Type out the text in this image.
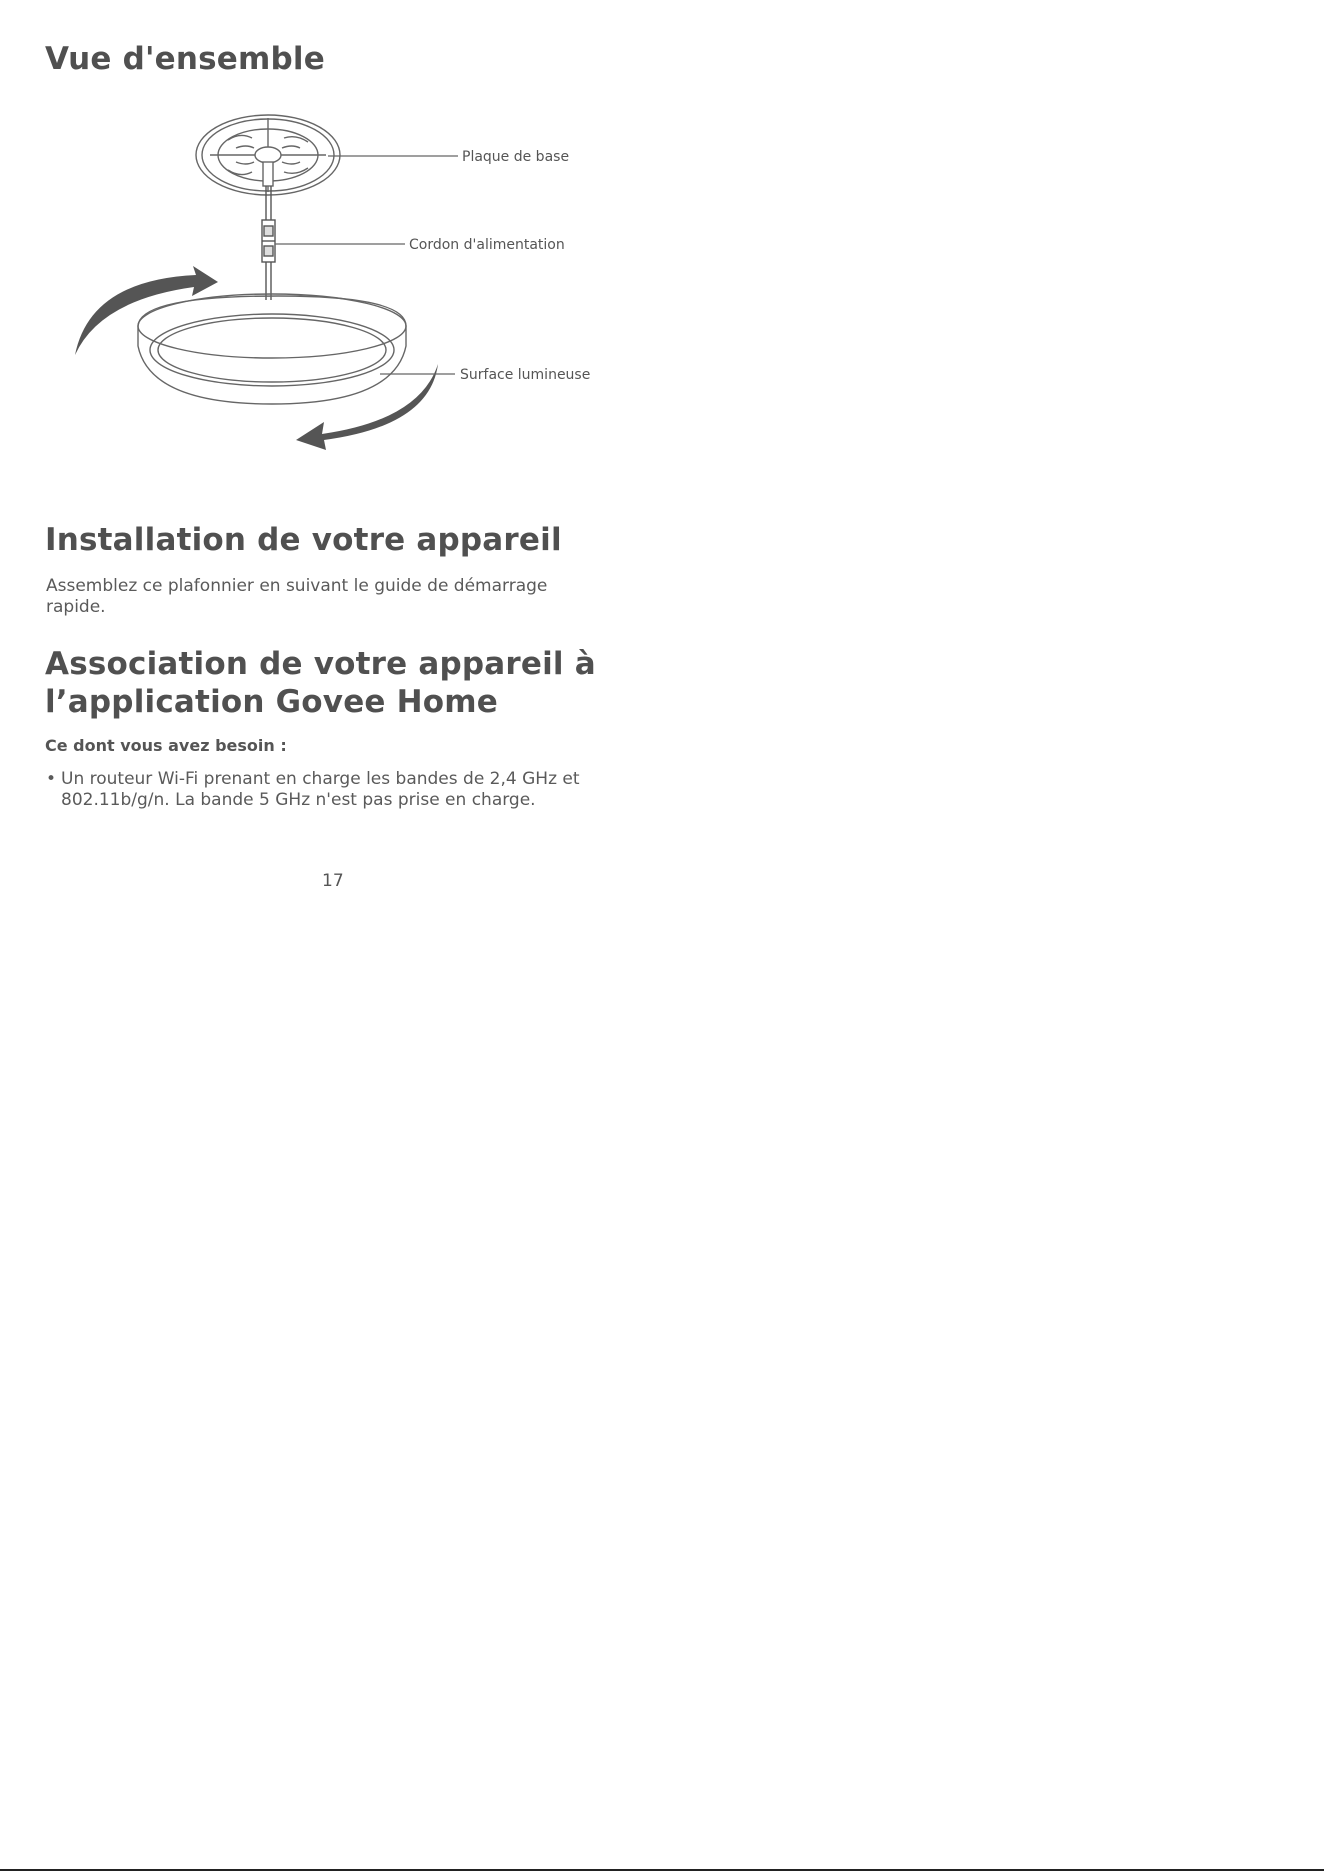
Vue d'ensemble
Plaque de base
Cordon d'alimentation
Surface lumineuse
Installation de votre appareil

Assemblez ce plafonnier en suivant le guide de démarrage rapide.

Association de votre appareil à
l’application Govee Home

Ce dont vous avez besoin :

• Un routeur Wi-Fi prenant en charge les bandes de 2,4 GHz et 802.11b/g/n. La bande 5 GHz n'est pas prise en charge.

17
